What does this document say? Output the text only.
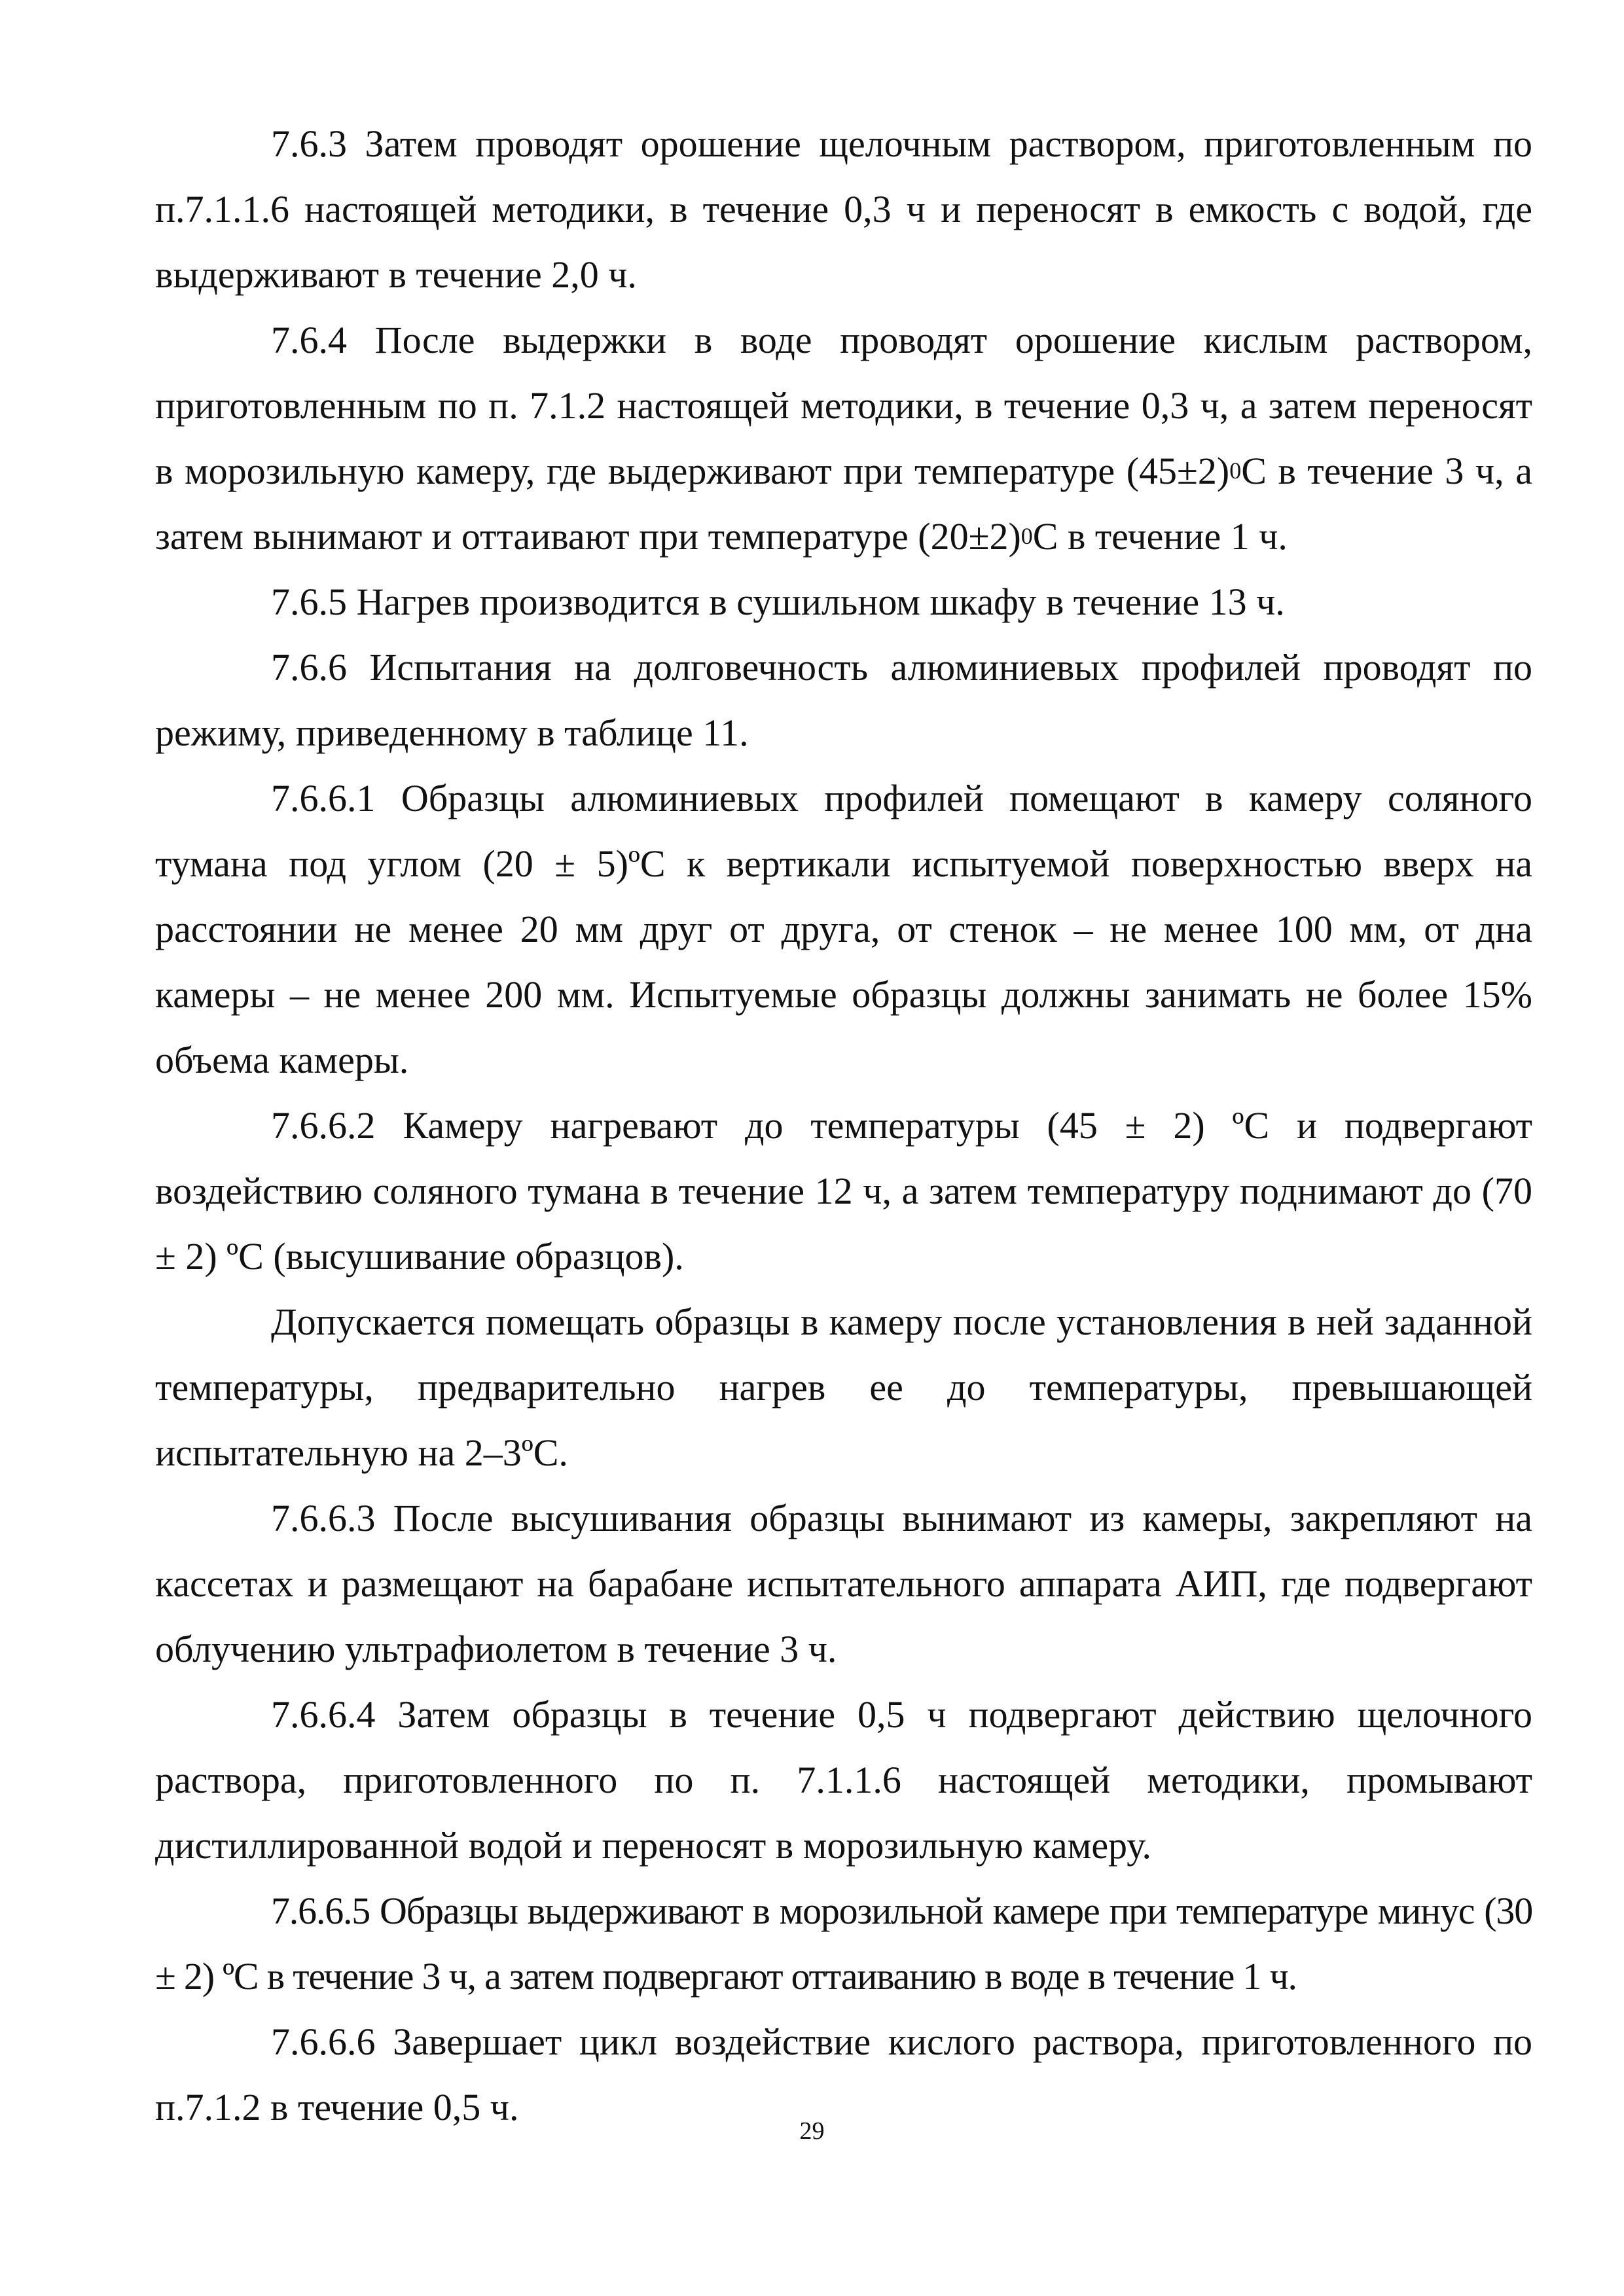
7.6.3 Затем проводят орошение щелочным раствором, приготовленным по п.7.1.1.6 настоящей методики, в течение 0,3 ч и переносят в емкость с водой, где выдерживают в течение 2,0 ч.

7.6.4 После выдержки в воде проводят орошение кислым раствором, приготовленным по п. 7.1.2 настоящей методики, в течение 0,3 ч, а затем переносят в морозильную камеру, где выдерживают при температуре $(45\pm 2)^0С$ в течение 3 ч, а затем вынимают и оттаивают при температуре $(20\pm 2)^0С$ в течение 1 ч.

7.6.5 Нагрев производится в сушильном шкафу в течение 13 ч.

7.6.6 Испытания на долговечность алюминиевых профилей проводят по режиму, приведенному в таблице 11.

7.6.6.1 Образцы алюминиевых профилей помещают в камеру соляного тумана под углом (20 ± 5)ºС к вертикали испытуемой поверхностью вверх на расстоянии не менее 20 мм друг от друга, от стенок – не менее 100 мм, от дна камеры – не менее 200 мм. Испытуемые образцы должны занимать не более 15% объема камеры.

7.6.6.2 Камеру нагревают до температуры (45 ± 2) ºС и подвергают воздействию соляного тумана в течение 12 ч, а затем температуру поднимают до (70 ± 2) ºС (высушивание образцов).

Допускается помещать образцы в камеру после установления в ней заданной температуры, предварительно нагрев ее до температуры, превышающей испытательную на 2–3ºС.

7.6.6.3 После высушивания образцы вынимают из камеры, закрепляют на кассетах и размещают на барабане испытательного аппарата АИП, где подвергают облучению ультрафиолетом в течение 3 ч.

7.6.6.4 Затем образцы в течение 0,5 ч подвергают действию щелочного раствора, приготовленного по п. 7.1.1.6 настоящей методики, промывают дистиллированной водой и переносят в морозильную камеру.

7.6.6.5 Образцы выдерживают в морозильной камере при температуре минус (30 ± 2) ºС в течение 3 ч, а затем подвергают оттаиванию в воде в течение 1 ч.

7.6.6.6 Завершает цикл воздействие кислого раствора, приготовленного по п.7.1.2 в течение 0,5 ч.

29
